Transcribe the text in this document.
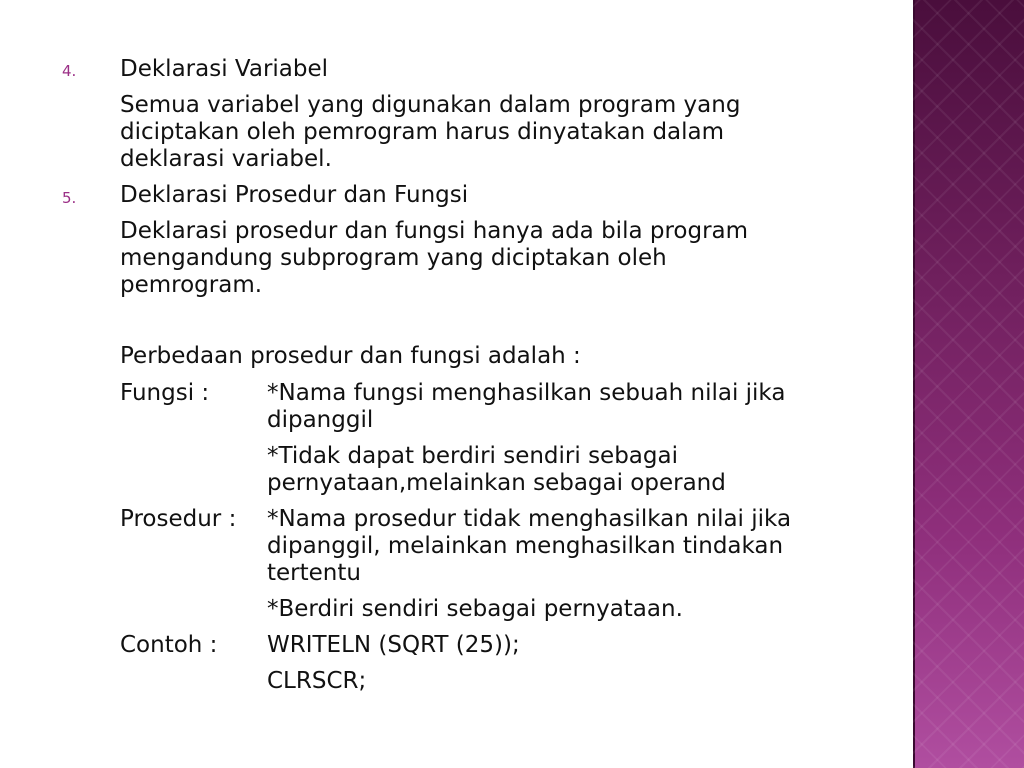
4. Deklarasi Variabel
Semua variabel yang digunakan dalam program yang
diciptakan oleh pemrogram harus dinyatakan dalam
deklarasi variabel.
5. Deklarasi Prosedur dan Fungsi
Deklarasi prosedur dan fungsi hanya ada bila program
mengandung subprogram yang diciptakan oleh
pemrogram.
Perbedaan prosedur dan fungsi adalah :
Fungsi :	*Nama fungsi menghasilkan sebuah nilai jika
dipanggil
*Tidak dapat berdiri sendiri sebagai
pernyataan,melainkan sebagai operand
Prosedur : *Nama prosedur tidak menghasilkan nilai jika
dipanggil, melainkan menghasilkan tindakan
tertentu
*Berdiri sendiri sebagai pernyataan.
Contoh : WRITELN (SQRT (25));
CLRSCR;
